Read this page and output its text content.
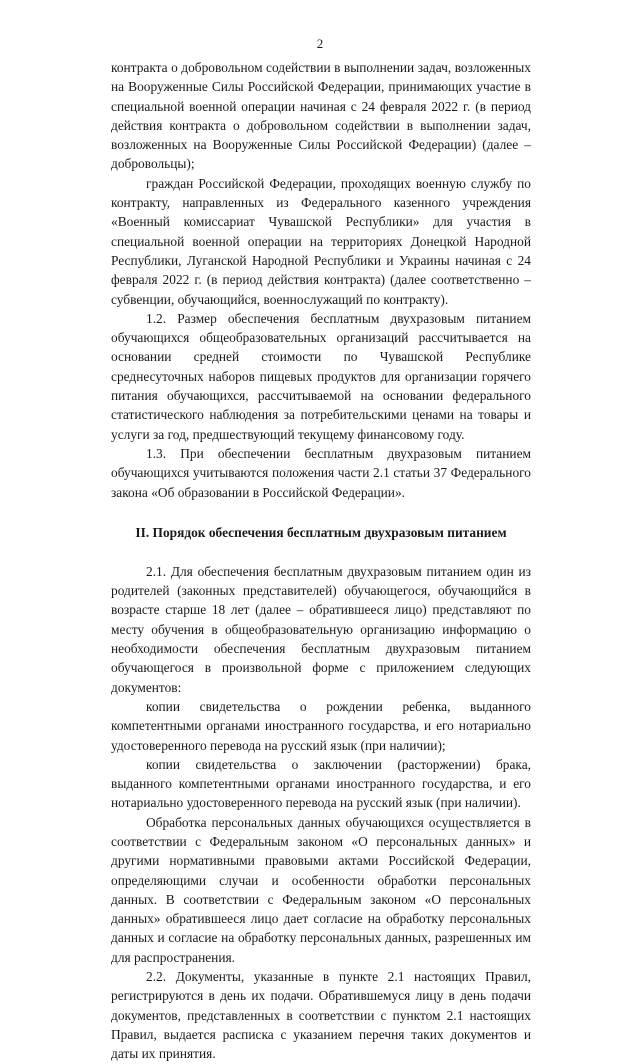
2

контракта о добровольном содействии в выполнении задач, возложенных на Вооруженные Силы Российской Федерации, принимающих участие в специальной военной операции начиная с 24 февраля 2022 г. (в период действия контракта о добровольном содействии в выполнении задач, возложенных на Вооруженные Силы Российской Федерации) (далее – добровольцы);

граждан Российской Федерации, проходящих военную службу по контракту, направленных из Федерального казенного учреждения «Военный комиссариат Чувашской Республики» для участия в специальной военной операции на территориях Донецкой Народной Республики, Луганской Народной Республики и Украины начиная с 24 февраля 2022 г. (в период действия контракта) (далее соответственно – субвенции, обучающийся, военнослужащий по контракту).

1.2. Размер обеспечения бесплатным двухразовым питанием обучающихся общеобразовательных организаций рассчитывается на основании средней стоимости по Чувашской Республике среднесуточных наборов пищевых продуктов для организации горячего питания обучающихся, рассчитываемой на основании федерального статистического наблюдения за потребительскими ценами на товары и услуги за год, предшествующий текущему финансовому году.

1.3. При обеспечении бесплатным двухразовым питанием обучающихся учитываются положения части 2.1 статьи 37 Федерального закона «Об образовании в Российской Федерации».

II. Порядок обеспечения бесплатным двухразовым питанием

2.1. Для обеспечения бесплатным двухразовым питанием один из родителей (законных представителей) обучающегося, обучающийся в возрасте старше 18 лет (далее – обратившееся лицо) представляют по месту обучения в общеобразовательную организацию информацию о необходимости обеспечения бесплатным двухразовым питанием обучающегося в произвольной форме с приложением следующих документов:

копии свидетельства о рождении ребенка, выданного компетентными органами иностранного государства, и его нотариально удостоверенного перевода на русский язык (при наличии);

копии свидетельства о заключении (расторжении) брака, выданного компетентными органами иностранного государства, и его нотариально удостоверенного перевода на русский язык (при наличии).

Обработка персональных данных обучающихся осуществляется в соответствии с Федеральным законом «О персональных данных» и другими нормативными правовыми актами Российской Федерации, определяющими случаи и особенности обработки персональных данных. В соответствии с Федеральным законом «О персональных данных» обратившееся лицо дает согласие на обработку персональных данных и согласие на обработку персональных данных, разрешенных им для распространения.

2.2. Документы, указанные в пункте 2.1 настоящих Правил, регистрируются в день их подачи. Обратившемуся лицу в день подачи документов, представленных в соответствии с пунктом 2.1 настоящих Правил, выдается расписка с указанием перечня таких документов и даты их принятия.
